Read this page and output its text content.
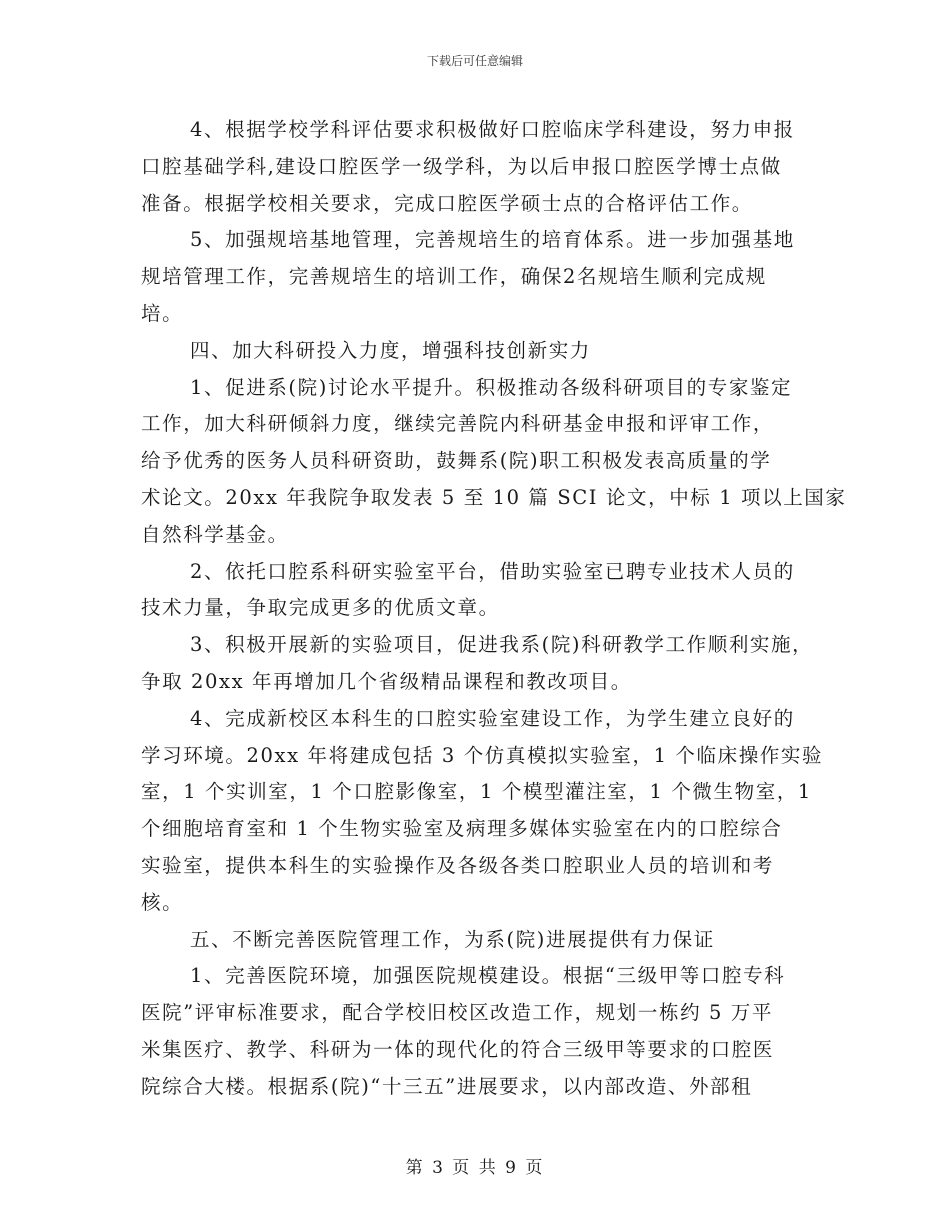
下载后可任意编辑
4、根据学校学科评估要求积极做好口腔临床学科建设，努力申报
口腔基础学科,建设口腔医学一级学科，为以后申报口腔医学博士点做
准备。根据学校相关要求，完成口腔医学硕士点的合格评估工作。
5、加强规培基地管理，完善规培生的培育体系。进一步加强基地
规培管理工作，完善规培生的培训工作，确保2名规培生顺利完成规
培。
四、加大科研投入力度，增强科技创新实力
1、促进系(院)讨论水平提升。积极推动各级科研项目的专家鉴定
工作，加大科研倾斜力度，继续完善院内科研基金申报和评审工作，
给予优秀的医务人员科研资助，鼓舞系(院)职工积极发表高质量的学
术论文。20xx 年我院争取发表 5 至 10 篇 SCI 论文，中标 1 项以上国家
自然科学基金。
2、依托口腔系科研实验室平台，借助实验室已聘专业技术人员的
技术力量，争取完成更多的优质文章。
3、积极开展新的实验项目，促进我系(院)科研教学工作顺利实施，
争取 20xx 年再增加几个省级精品课程和教改项目。
4、完成新校区本科生的口腔实验室建设工作，为学生建立良好的
学习环境。20xx 年将建成包括 3 个仿真模拟实验室，1 个临床操作实验
室，1 个实训室，1 个口腔影像室，1 个模型灌注室，1 个微生物室，1
个细胞培育室和 1 个生物实验室及病理多媒体实验室在内的口腔综合
实验室，提供本科生的实验操作及各级各类口腔职业人员的培训和考
核。
五、不断完善医院管理工作，为系(院)进展提供有力保证
1、完善医院环境，加强医院规模建设。根据“三级甲等口腔专科
医院”评审标准要求，配合学校旧校区改造工作，规划一栋约 5 万平
米集医疗、教学、科研为一体的现代化的符合三级甲等要求的口腔医
院综合大楼。根据系(院)“十三五”进展要求，以内部改造、外部租
第 3 页 共 9 页
